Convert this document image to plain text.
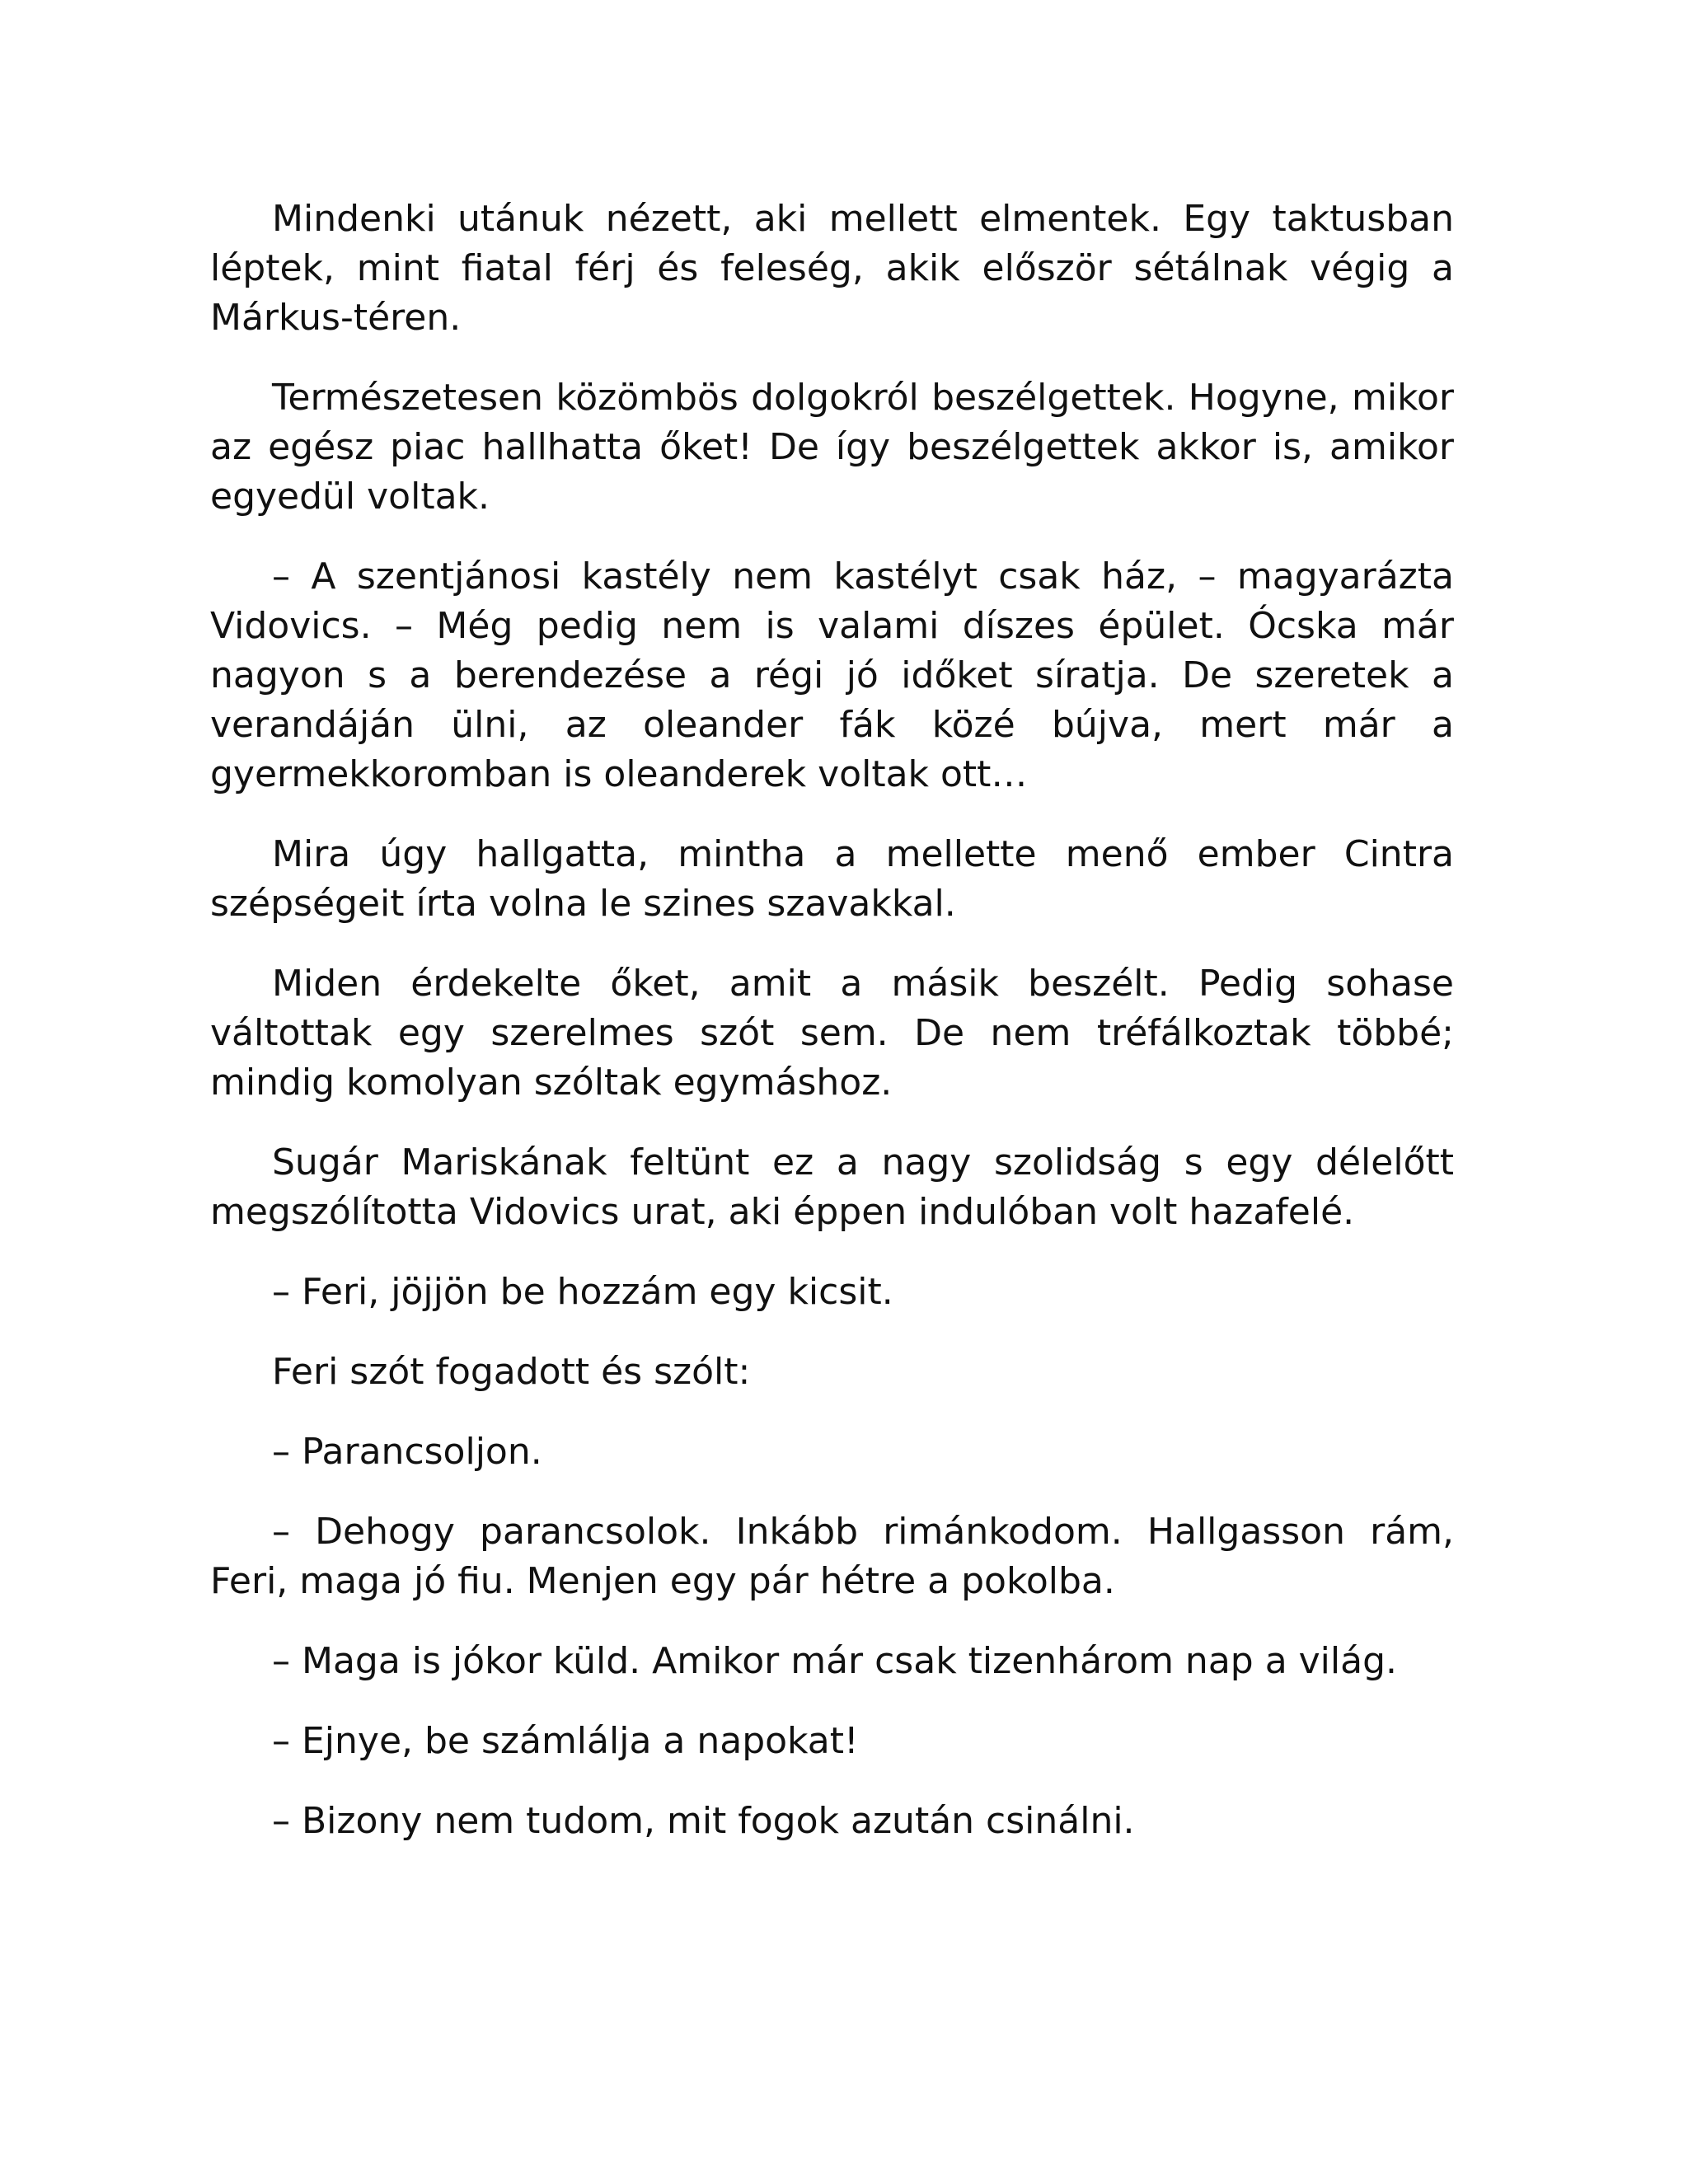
Mindenki utánuk nézett, aki mellett elmentek. Egy taktusban léptek, mint fiatal férj és feleség, akik először sétálnak végig a Márkus-téren.

Természetesen közömbös dolgokról beszélgettek. Hogyne, mikor az egész piac hallhatta őket! De így beszélgettek akkor is, amikor egyedül voltak.

– A szentjánosi kastély nem kastélyt csak ház, – magyarázta Vidovics. – Még pedig nem is valami díszes épület. Ócska már nagyon s a berendezése a régi jó időket síratja. De szeretek a verandáján ülni, az oleander fák közé bújva, mert már a gyermekkoromban is oleanderek voltak ott…

Mira úgy hallgatta, mintha a mellette menő ember Cintra szépségeit írta volna le szines szavakkal.

Miden érdekelte őket, amit a másik beszélt. Pedig sohase váltottak egy szerelmes szót sem. De nem tréfálkoztak többé; mindig komolyan szóltak egymáshoz.

Sugár Mariskának feltünt ez a nagy szolidság s egy délelőtt megszólította Vidovics urat, aki éppen indulóban volt hazafelé.

– Feri, jöjjön be hozzám egy kicsit.

Feri szót fogadott és szólt:

– Parancsoljon.

– Dehogy parancsolok. Inkább rimánkodom. Hallgasson rám, Feri, maga jó fiu. Menjen egy pár hétre a pokolba.

– Maga is jókor küld. Amikor már csak tizenhárom nap a világ.

– Ejnye, be számlálja a napokat!

– Bizony nem tudom, mit fogok azután csinálni.
